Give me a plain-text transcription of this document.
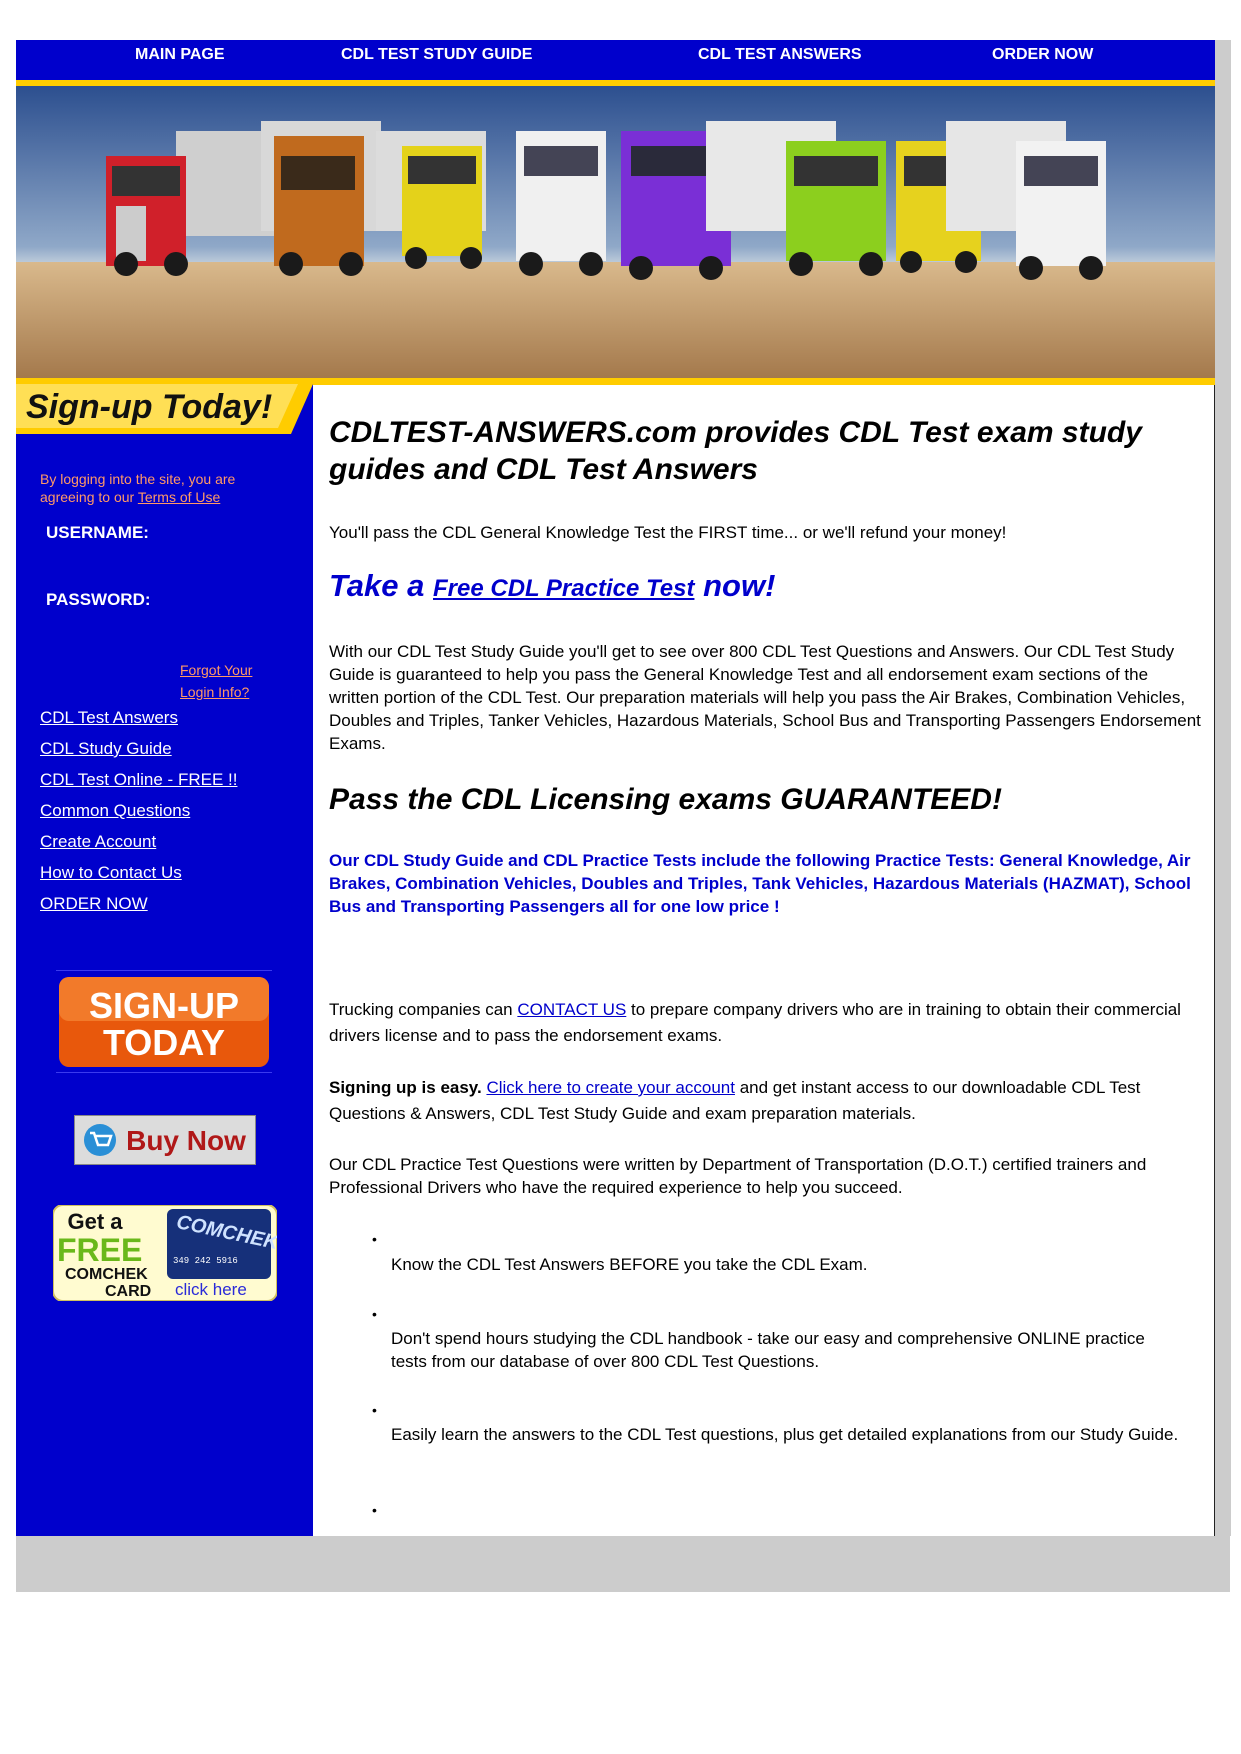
MAIN PAGE	CDL TEST STUDY GUIDE	CDL TEST ANSWERS	ORDER NOW
Sign-up Today!
By logging into the site, you are agreeing to our Terms of Use
USERNAME:
PASSWORD:
Forgot Your
Login Info?
CDL Test Answers
CDL Study Guide
CDL Test Online - FREE !!
Common Questions
Create Account
How to Contact Us
ORDER NOW
SIGN-UP
TODAY
Buy Now
Get a
FREE
COMCHEK
CARD
COMCHEK
349 242 5916
click here
CDLTEST-ANSWERS.com provides CDL Test exam study guides and CDL Test Answers
You'll pass the CDL General Knowledge Test the FIRST time... or we'll refund your money!
Take a Free CDL Practice Test now!
With our CDL Test Study Guide you'll get to see over 800 CDL Test Questions and Answers. Our CDL Test Study Guide is guaranteed to help you pass the General Knowledge Test and all endorsement exam sections of the written portion of the CDL Test. Our preparation materials will help you pass the Air Brakes, Combination Vehicles, Doubles and Triples, Tanker Vehicles, Hazardous Materials, School Bus and Transporting Passengers Endorsement Exams.
Pass the CDL Licensing exams GUARANTEED!
Our CDL Study Guide and CDL Practice Tests include the following Practice Tests: General Knowledge, Air Brakes, Combination Vehicles, Doubles and Triples, Tank Vehicles, Hazardous Materials (HAZMAT), School Bus and Transporting Passengers all for one low price !
Trucking companies can CONTACT US to prepare company drivers who are in training to obtain their commercial drivers license and to pass the endorsement exams.
Signing up is easy. Click here to create your account and get instant access to our downloadable CDL Test Questions & Answers, CDL Test Study Guide and exam preparation materials.
Our CDL Practice Test Questions were written by Department of Transportation (D.O.T.) certified trainers and Professional Drivers who have the required experience to help you succeed.
•
Know the CDL Test Answers BEFORE you take the CDL Exam.
•
Don't spend hours studying the CDL handbook - take our easy and comprehensive ONLINE practice tests from our database of over 800 CDL Test Questions.
•
Easily learn the answers to the CDL Test questions, plus get detailed explanations from our Study Guide.
•
